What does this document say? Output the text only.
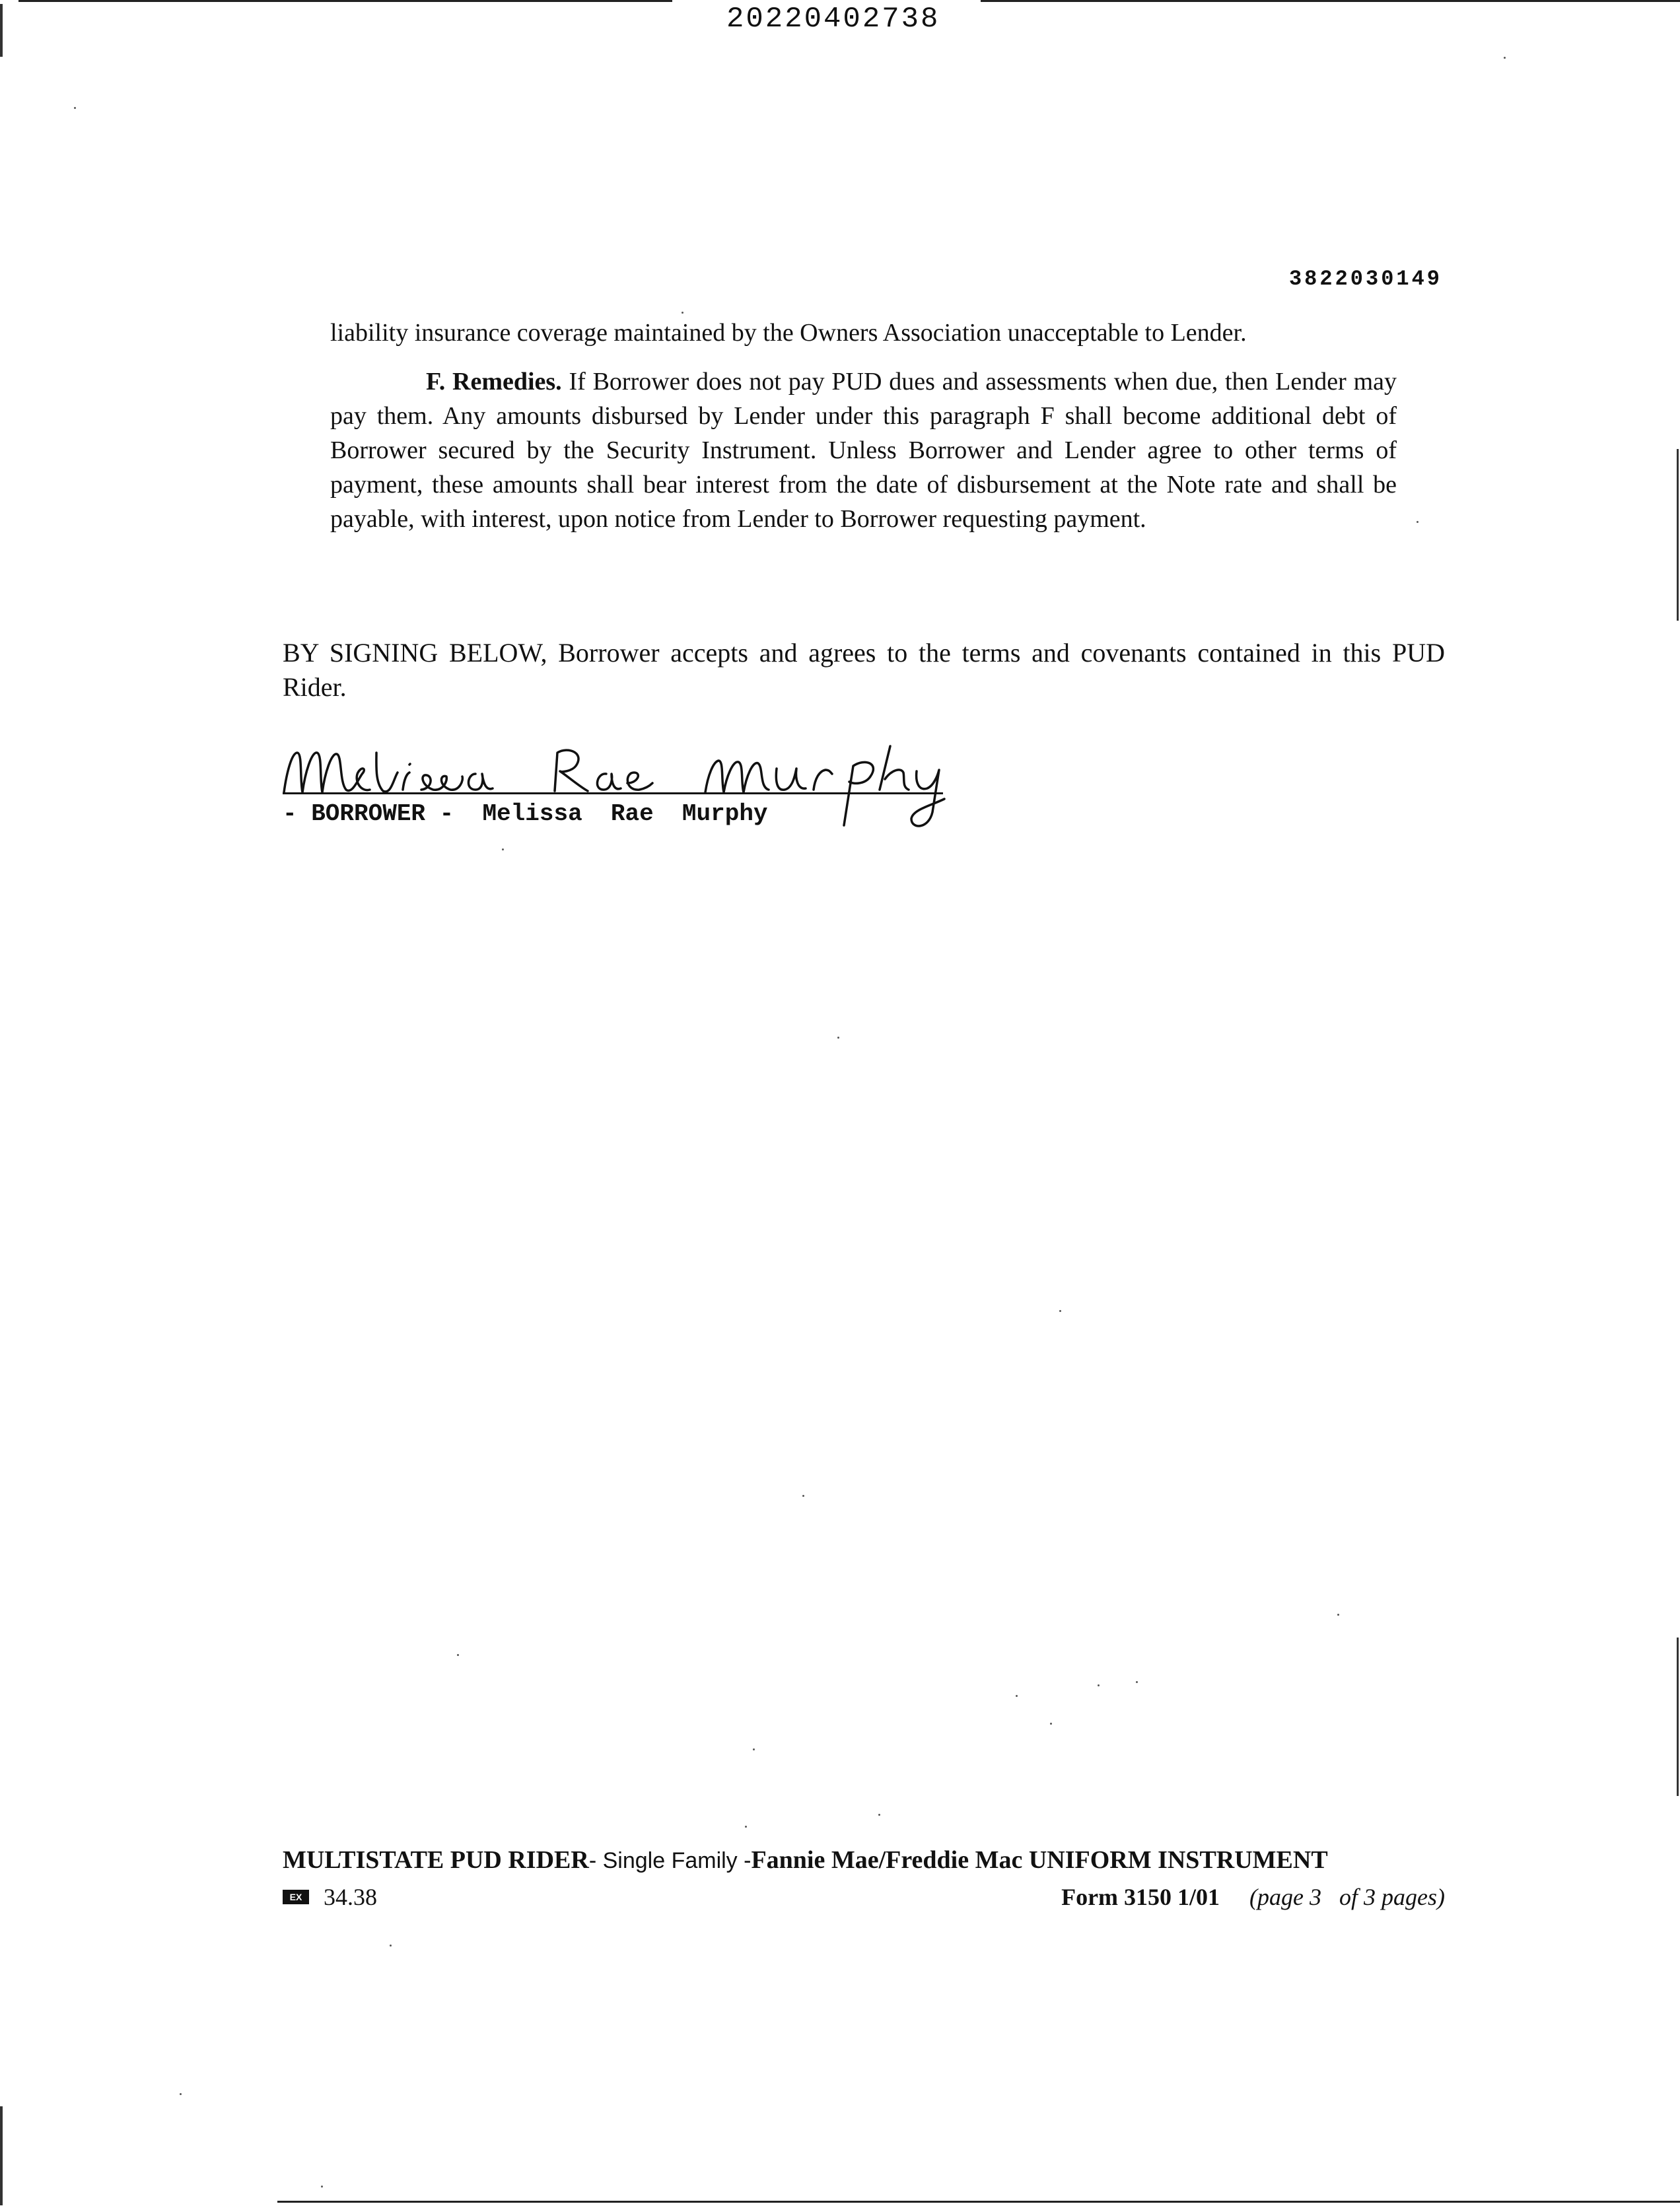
20220402738
3822030149
liability insurance coverage maintained by the Owners Association unacceptable to Lender.
F. Remedies. If Borrower does not pay PUD dues and assessments when due, then Lender may pay them. Any amounts disbursed by Lender under this paragraph F shall become additional debt of Borrower secured by the Security Instrument. Unless Borrower and Lender agree to other terms of payment, these amounts shall bear interest from the date of disbursement at the Note rate and shall be payable, with interest, upon notice from Lender to Borrower requesting payment.
BY SIGNING BELOW, Borrower accepts and agrees to the terms and covenants contained in this PUD Rider.
- BORROWER -  Melissa  Rae  Murphy
MULTISTATE PUD RIDER- Single Family -Fannie Mae/Freddie Mac UNIFORM INSTRUMENT
EX 34.38	Form 3150 1/01 (page 3   of 3 pages)
